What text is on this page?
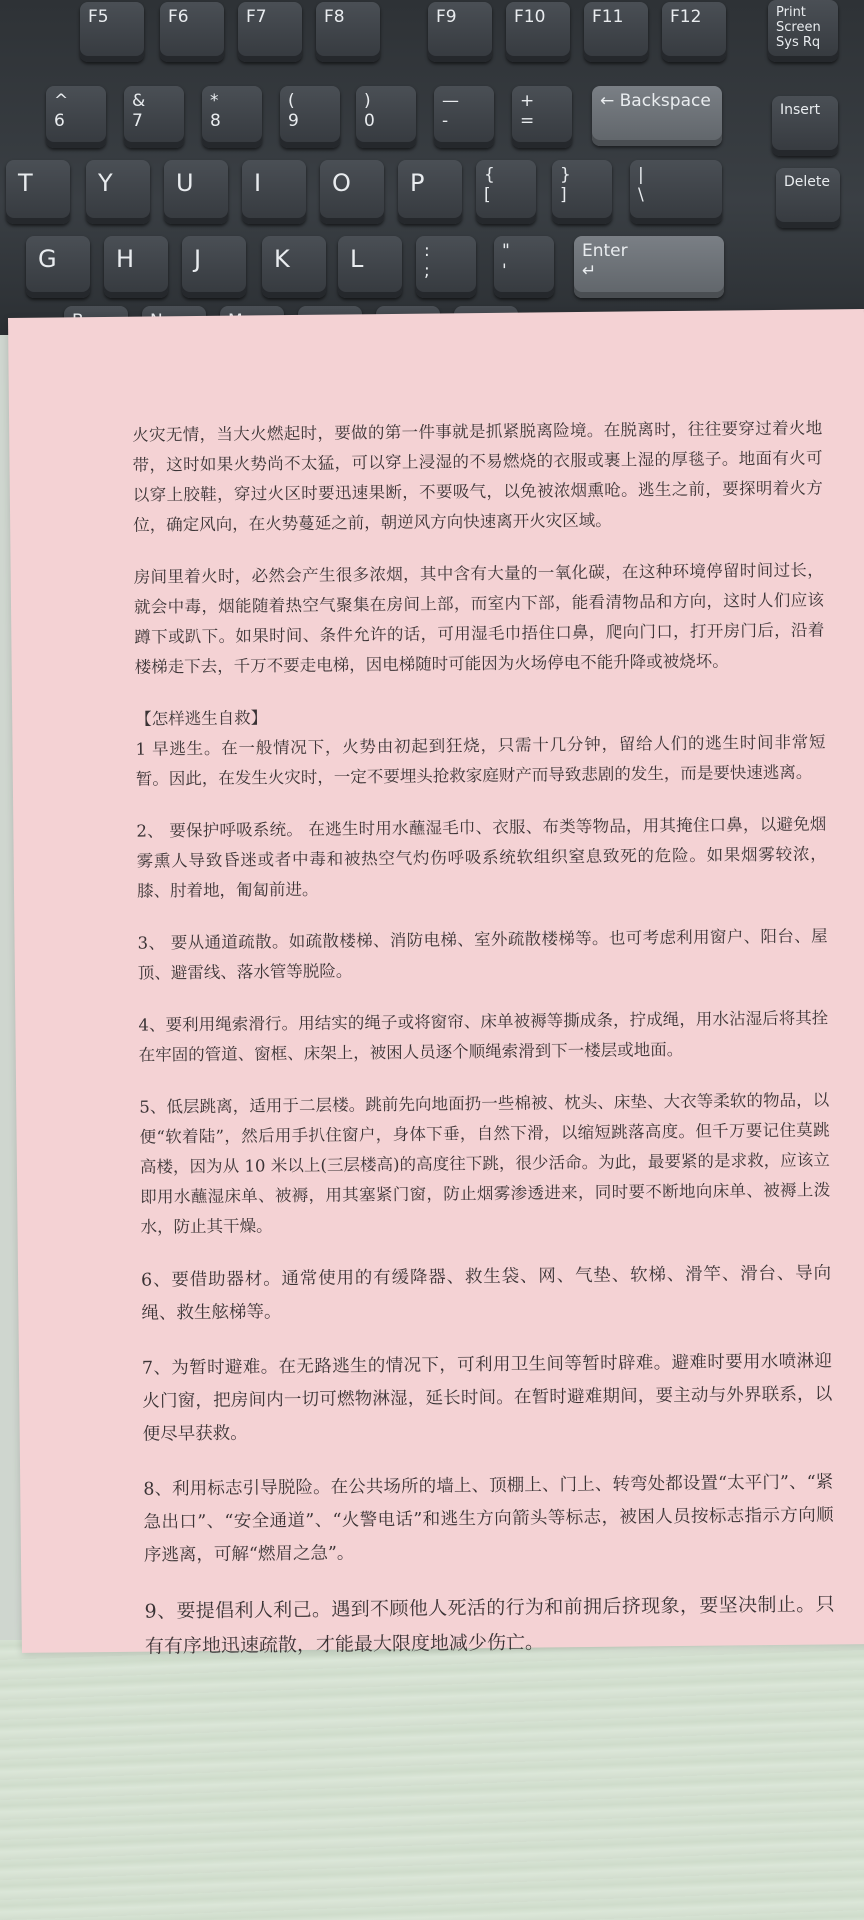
F5	F6	F7	F8	F9	F10	F11	F12	Print
Screen
Sys Rq
^
6
&
7
*
8
(
9
)
0
—
-
+
=
← Backspace	Insert
T	Y	U	I	O	P	{
[
}
]
|
\
Delete
G	H	J	K	L	:
;
"
'
Enter
↵

火灾无情，当大火燃起时，要做的第一件事就是抓紧脱离险境。在脱离时，往往要穿过着火地带，这时如果火势尚不太猛，可以穿上浸湿的不易燃烧的衣服或裹上湿的厚毯子。地面有火可以穿上胶鞋，穿过火区时要迅速果断，不要吸气，以免被浓烟熏呛。逃生之前，要探明着火方位，确定风向，在火势蔓延之前，朝逆风方向快速离开火灾区域。

房间里着火时，必然会产生很多浓烟，其中含有大量的一氧化碳，在这种环境停留时间过长，就会中毒，烟能随着热空气聚集在房间上部，而室内下部，能看清物品和方向，这时人们应该蹲下或趴下。如果时间、条件允许的话，可用湿毛巾捂住口鼻，爬向门口，打开房门后，沿着楼梯走下去，千万不要走电梯，因电梯随时可能因为火场停电不能升降或被烧坏。

【怎样逃生自救】

1 早逃生。在一般情况下，火势由初起到狂烧，只需十几分钟，留给人们的逃生时间非常短暂。因此，在发生火灾时，一定不要埋头抢救家庭财产而导致悲剧的发生，而是要快速逃离。

2、 要保护呼吸系统。 在逃生时用水蘸湿毛巾、衣服、布类等物品，用其掩住口鼻，以避免烟雾熏人导致昏迷或者中毒和被热空气灼伤呼吸系统软组织窒息致死的危险。如果烟雾较浓，膝、肘着地，匍匐前进。

3、 要从通道疏散。如疏散楼梯、消防电梯、室外疏散楼梯等。也可考虑利用窗户、阳台、屋顶、避雷线、落水管等脱险。

4、要利用绳索滑行。用结实的绳子或将窗帘、床单被褥等撕成条，拧成绳，用水沾湿后将其拴在牢固的管道、窗框、床架上，被困人员逐个顺绳索滑到下一楼层或地面。

5、低层跳离，适用于二层楼。跳前先向地面扔一些棉被、枕头、床垫、大衣等柔软的物品，以便“软着陆”，然后用手扒住窗户，身体下垂，自然下滑，以缩短跳落高度。但千万要记住莫跳高楼，因为从 10 米以上(三层楼高)的高度往下跳，很少活命。为此，最要紧的是求救，应该立即用水蘸湿床单、被褥，用其塞紧门窗，防止烟雾渗透进来，同时要不断地向床单、被褥上泼水，防止其干燥。

6、要借助器材。通常使用的有缓降器、救生袋、网、气垫、软梯、滑竿、滑台、导向绳、救生舷梯等。

7、为暂时避难。在无路逃生的情况下，可利用卫生间等暂时辟难。避难时要用水喷淋迎火门窗，把房间内一切可燃物淋湿，延长时间。在暂时避难期间，要主动与外界联系，以便尽早获救。

8、利用标志引导脱险。在公共场所的墙上、顶棚上、门上、转弯处都设置“太平门”、“紧急出口”、“安全通道”、“火警电话”和逃生方向箭头等标志，被困人员按标志指示方向顺序逃离，可解“燃眉之急”。

9、要提倡利人利己。遇到不顾他人死活的行为和前拥后挤现象，要坚决制止。只有有序地迅速疏散，才能最大限度地减少伤亡。
